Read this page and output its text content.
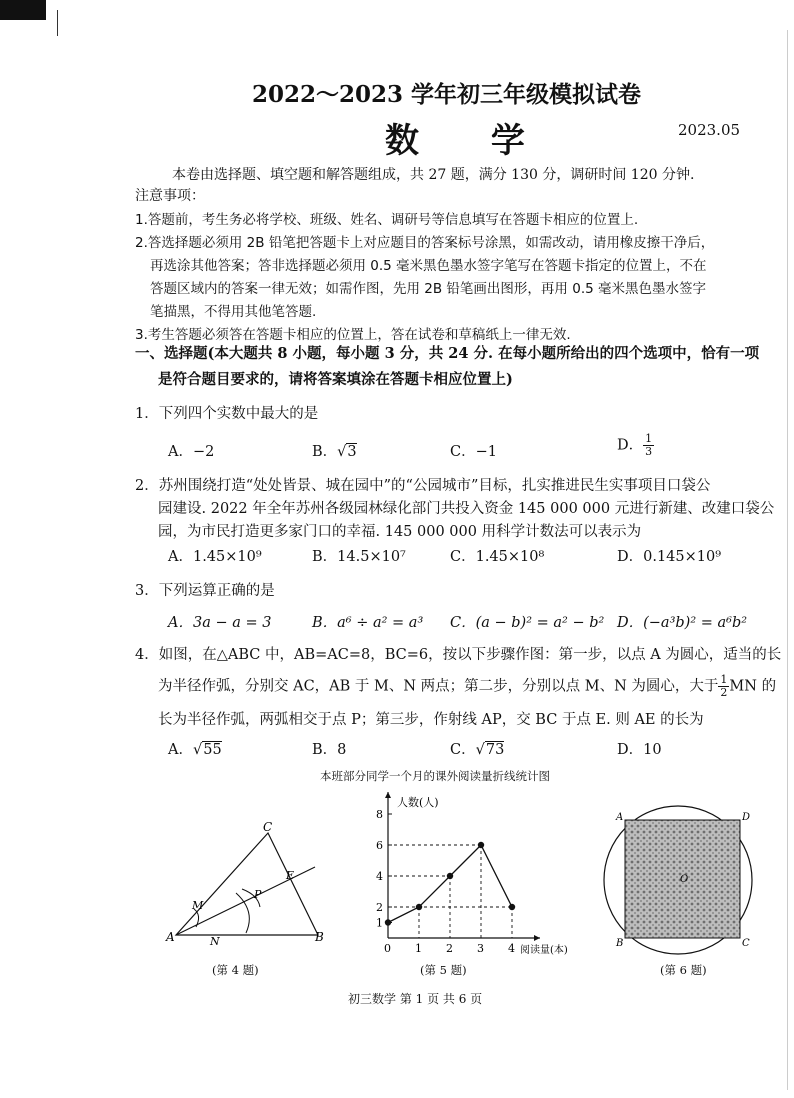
2022～2023 学年初三年级模拟试卷
数 学	2023.05
本卷由选择题、填空题和解答题组成，共 27 题，满分 130 分，调研时间 120 分钟.
注意事项：
1.答题前，考生务必将学校、班级、姓名、调研号等信息填写在答题卡相应的位置上.
2.答选择题必须用 2B 铅笔把答题卡上对应题目的答案标号涂黑，如需改动，请用橡皮擦干净后，
再选涂其他答案；答非选择题必须用 0.5 毫米黑色墨水签字笔写在答题卡指定的位置上，不在
答题区域内的答案一律无效；如需作图，先用 2B 铅笔画出图形，再用 0.5 毫米黑色墨水签字
笔描黑，不得用其他笔答题.
3.考生答题必须答在答题卡相应的位置上，答在试卷和草稿纸上一律无效.
一、选择题(本大题共 8 小题，每小题 3 分，共 24 分. 在每小题所给出的四个选项中，恰有一项
是符合题目要求的，请将答案填涂在答题卡相应位置上)
1．下列四个实数中最大的是
A．−2	B．√3	C．−1	D． $\frac{1}{3}$
2．苏州围绕打造“处处皆景、城在园中”的“公园城市”目标，扎实推进民生实事项目口袋公
园建设. 2022 年全年苏州各级园林绿化部门共投入资金 145 000 000 元进行新建、改建口袋公
园，为市民打造更多家门口的幸福. 145 000 000 用科学计数法可以表示为
A．1.45×10⁹	B．14.5×10⁷	C．1.45×10⁸	D．0.145×10⁹
3．下列运算正确的是
A．3a − a = 3	B．a⁶ ÷ a² = a³ C．(a − b)² = a² − b² D．(−a³b)² = a⁶b²
4．如图，在△ABC 中，AB=AC=8，BC=6，按以下步骤作图：第一步，以点 A 为圆心，适当的长
为半径作弧，分别交 AC，AB 于 M、N 两点；第二步，分别以点 M、N 为圆心，大于 $\frac{1}{2}$ MN 的
长为半径作弧，两弧相交于点 P；第三步，作射线 AP，交 BC 于点 E. 则 AE 的长为
A．√55	B．8	C．√73	D．10
A	B
C
M
N
P
E
(第 4 题)
本班部分同学一个月的课外阅读量折线统计图
人数(人)
阅读量(本)
0 1 2 3 4
1
2
4
6
8
(第 5 题)
A
B	C
D
O
(第 6 题)
初三数学 第 1 页 共 6 页
